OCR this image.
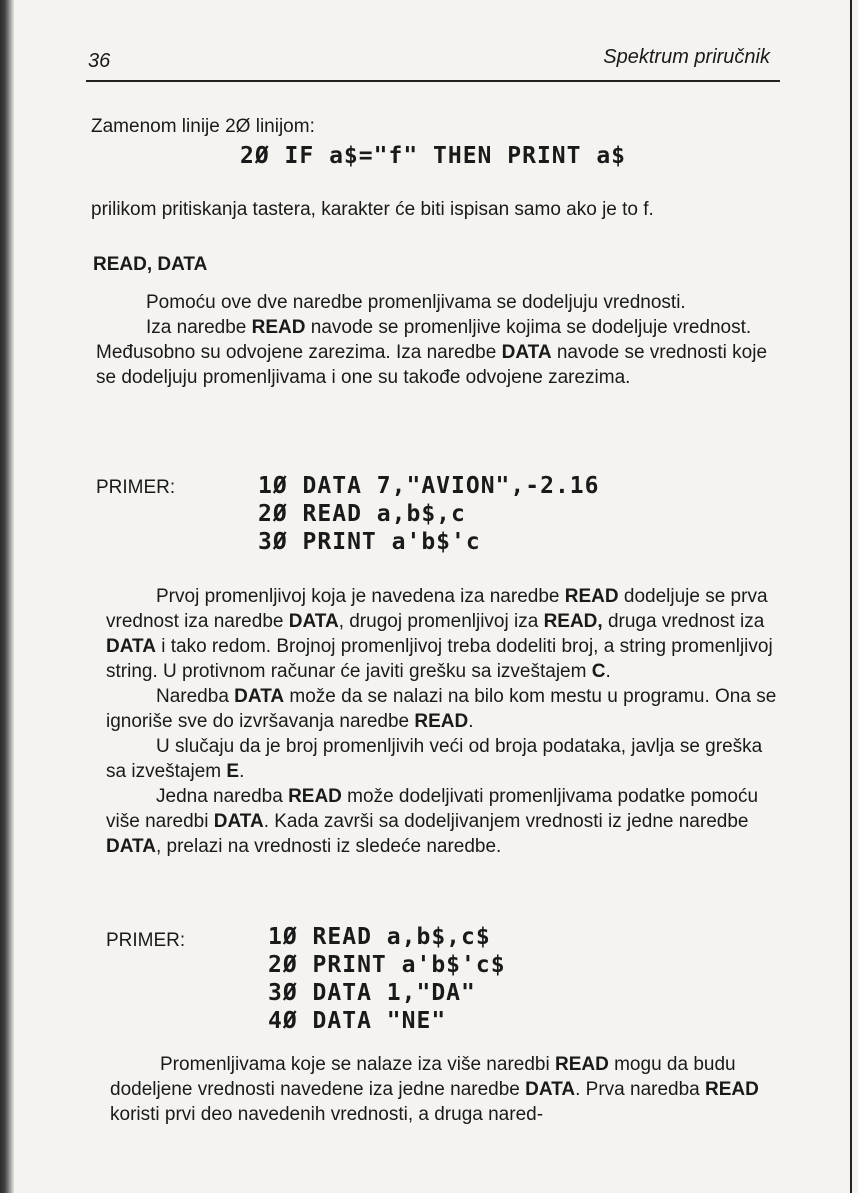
36	Spektrum priručnik
Zamenom linije 2Ø linijom:
2Ø IF a$="f" THEN PRINT a$
prilikom pritiskanja tastera, karakter će biti ispisan samo ako je to f.
READ, DATA

Pomoću ove dve naredbe promenljivama se dodeljuju vrednosti.

Iza naredbe READ navode se promenljive kojima se dodeljuje vrednost. Međusobno su odvojene zarezima. Iza naredbe DATA navode se vrednosti koje se dodeljuju promenljivama i one su takođe odvojene zarezima.

PRIMER:	1Ø DATA 7,"AVION",-2.16
2Ø READ a,b$,c
3Ø PRINT a'b$'c

Prvoj promenljivoj koja je navedena iza naredbe READ dodeljuje se prva vrednost iza naredbe DATA, drugoj promenljivoj iza READ, druga vrednost iza DATA i tako redom. Brojnoj promenljivoj treba dodeliti broj, a string promenljivoj string. U protivnom računar će javiti grešku sa izveštajem C.

Naredba DATA može da se nalazi na bilo kom mestu u programu. Ona se ignoriše sve do izvršavanja naredbe READ.

U slučaju da je broj promenljivih veći od broja podataka, javlja se greška sa izveštajem E.

Jedna naredba READ može dodeljivati promenljivama podatke pomoću više naredbi DATA. Kada završi sa dodeljivanjem vrednosti iz jedne naredbe DATA, prelazi na vrednosti iz sledeće naredbe.

PRIMER:	1Ø READ a,b$,c$
2Ø PRINT a'b$'c$
3Ø DATA 1,"DA"
4Ø DATA "NE"

Promenljivama koje se nalaze iza više naredbi READ mogu da budu dodeljene vrednosti navedene iza jedne naredbe DATA. Prva naredba READ koristi prvi deo navedenih vrednosti, a druga nared-
